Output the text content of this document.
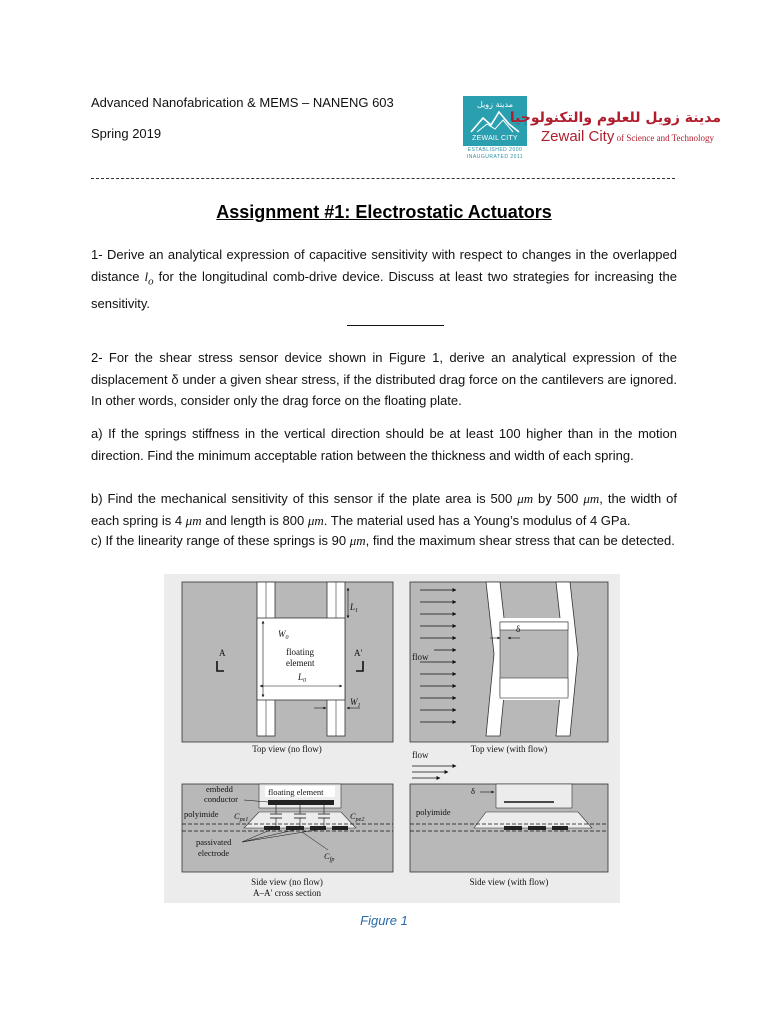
Advanced Nanofabrication & MEMS – NANENG 603
Spring 2019
مدينة زويل
ZEWAIL CITY
ESTABLISHED 2000
INAUGURATED 2011
مدينة زويل للعلوم والتكنولوجيا
Zewail City of Science and Technology
Assignment #1: Electrostatic Actuators
1- Derive an analytical expression of capacitive sensitivity with respect to changes in the overlapped distance $l_o$ for the longitudinal comb-drive device. Discuss at least two strategies for increasing the sensitivity.
2- For the shear stress sensor device shown in Figure 1, derive an analytical expression of the displacement δ under a given shear stress, if the distributed drag force on the cantilevers are ignored. In other words, consider only the drag force on the floating plate.
a) If the springs stiffness in the vertical direction should be at least 100 higher than in the motion direction. Find the minimum acceptable ration between the thickness and width of each spring.
b) Find the mechanical sensitivity of this sensor if the plate area is 500 μm by 500 μm, the width of each spring is 4 μm and length is 800 μm. The material used has a Young’s modulus of 4 GPa.
c) If the linearity range of these springs is 90 μm, find the maximum shear stress that can be detected.
$L_1$
$W_0$
floating
element
$L_0$
$W_1$
A	A′
Top view (no flow)
δ
flow
Top view (with flow)
embedd
conductor
floating element
polyimide $C_{pe1}$	$C_{pe2}$
passivated
electrode	$C_{fp}$
Side view (no flow)
A–A′ cross section
flow
δ
polyimide
Side view (with flow)
Figure 1
